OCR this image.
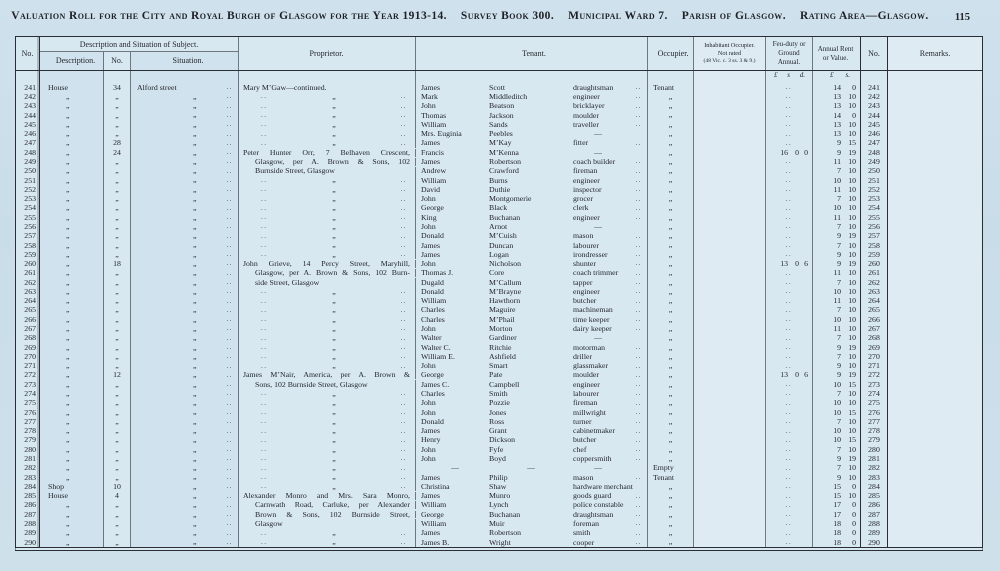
Valuation Roll for the City and Royal Burgh of Glasgow for the Year 1913-14. Survey Book 300. Municipal Ward 7. Parish of Glasgow. Rating Area—Glasgow.	115
No.
Description and Situation of Subject.
Description.	No.	Situation.
Proprietor.	Tenant.	Occupier.
Inhabitant Occupier.
Not rated
(48 Vic. c. 3 ss. 3 & 9.)
Feu-duty or Ground Annual.
Annual Rent or Value.	No.	Remarks.
£ s d.	£ s.
241	House	34	Alford street	..	Mary M’Gaw—continued.	James	Scott	draughtsman	..	Tenant	..	14	0	241
242	„	„	„	..	..	„	.. Mark	Middleditch	engineer	..	„	..	13 10	242
243	„	„	„	..	..	„	.. John	Beatson	bricklayer	..	„	..	13 10	243
244	„	„	„	..	..	„	.. Thomas	Jackson	moulder	..	„	..	14	0	244
245	„	„	„	..	..	„	.. William	Sands	traveller	..	„	..	13 10	245
246	„	„	„	..	..	„	.. Mrs. Euginia	Peebles	—	„	..	13 10	246
247	„	28	„	..	..	„	.. James	M’Kay	fitter	..	„	..	9 15	247
248	„	24	„	..	Peter Hunter Orr, 7 Belhaven Crescent, Francis	M’Kenna	—	„	16 0 0	9 19	248
249	„	„	„	..	Glasgow, per A. Brown & Sons, 102 James	Robertson	coach builder	..	„	..	11 10	249
250	„	„	„	..	Burnside Street, Glasgow	Andrew	Crawford	fireman	..	„	..	7 10	250
251	„	„	„	..	..	„	.. William	Burns	engineer	..	„	..	10 10	251
252	„	„	„	..	..	„	.. David	Duthie	inspector	..	„	..	11 10	252
253	„	„	„	..	..	„	.. John	Montgomerie	grocer	..	„	..	7 10	253
254	„	„	„	..	..	„	.. George	Black	clerk	..	„	..	10 10	254
255	„	„	„	..	..	„	.. King	Buchanan	engineer	..	„	..	11 10	255
256	„	„	„	..	..	„	.. John	Arnot	—	„	..	7 10	256
257	„	„	„	..	..	„	.. Donald	M’Cuish	mason	..	„	..	9 19	257
258	„	„	„	..	..	„	.. James	Duncan	labourer	..	„	..	7 10	258
259	„	„	„	..	..	„	.. James	Logan	irondresser	..	„	..	9 10	259
260	„	18	„	..	John Grieve, 14 Percy Street, Maryhill, John	Nicholson	shunter	..	„	13 0 6	9 19	260
261	„	„	„	..	Glasgow, per A. Brown & Sons, 102 Burn- Thomas J.	Core	coach trimmer ..	„	..	11 10	261
262	„	„	„	..	side Street, Glasgow	Dugald	M’Callum	tapper	..	„	..	7 10	262
263	„	„	„	..	..	„	.. Donald	M’Brayne	engineer	..	„	..	10 10	263
264	„	„	„	..	..	„	.. William	Hawthorn	butcher	..	„	..	11 10	264
265	„	„	„	..	..	„	.. Charles	Maguire	machineman	..	„	..	7 10	265
266	„	„	„	..	..	„	.. Charles	M’Phail	time keeper	..	„	..	10 10	266
267	„	„	„	..	..	„	.. John	Morton	dairy keeper	..	„	..	11 10	267
268	„	„	„	..	..	„	.. Walter	Gardiner	—	„	..	7 10	268
269	„	„	„	..	..	„	.. Walter C.	Ritchie	motorman	..	„	..	9 19	269
270	„	„	„	..	..	„	.. William E.	Ashfield	driller	..	„	..	7 10	270
271	„	„	„	..	..	„	.. John	Smart	glassmaker	..	„	..	9 10	271
272	„	12	„	..	James M’Nair, America, per A. Brown & George	Pate	moulder	..	„	13 0 6	9 19	272
273	„	„	„	..	Sons, 102 Burnside Street, Glasgow	James C.	Campbell	engineer	..	„	..	10 15	273
274	„	„	„	..	..	„	.. Charles	Smith	labourer	..	„	..	7 10	274
275	„	„	„	..	..	„	.. John	Pozzie	fireman	..	„	..	10 10	275
276	„	„	„	..	..	„	.. John	Jones	millwright	..	„	..	10 15	276
277	„	„	„	..	..	„	.. Donald	Ross	turner	..	„	..	7 10	277
278	„	„	„	..	..	„	.. James	Grant	cabinetmaker	..	„	..	10 10	278
279	„	„	„	..	..	„	.. Henry	Dickson	butcher	..	„	..	10 15	279
280	„	„	„	..	..	„	.. John	Fyfe	chef	..	„	..	7 10	280
281	„	„	„	..	..	„	.. John	Boyd	coppersmith	..	„	..	9 19	281
282	„	„	„	..	..	„	..	—	—	—	Empty	..	7 10	282
283	„	„	„	..	..	„	.. James	Philip	mason	..	Tenant	..	9 10	283
284	Shop	10	„	..	..	„	.. Christina	Shaw	hardware merchant	„	..	15	0	284
285	House	4	„	..	Alexander Monro and Mrs. Sara Monro, James	Munro	goods guard	..	„	..	15 10	285
286	„	„	„	..	Carnwath Road, Carluke, per Alexander William	Lynch	police constable ..	„	..	17	0	286
287	„	„	„	..	Brown & Sons, 102 Burnside Street, George	Buchanan	draughtsman	..	„	..	17	0	287
288	„	„	„	..	Glasgow	William	Muir	foreman	..	„	..	18	0	288
289	„	„	„	..	..	„	.. James	Robertson	smith	..	„	..	18	0	289
290	„	„	„	..	..	„	.. James B.	Wright	cooper	..	„	..	18	0	290
